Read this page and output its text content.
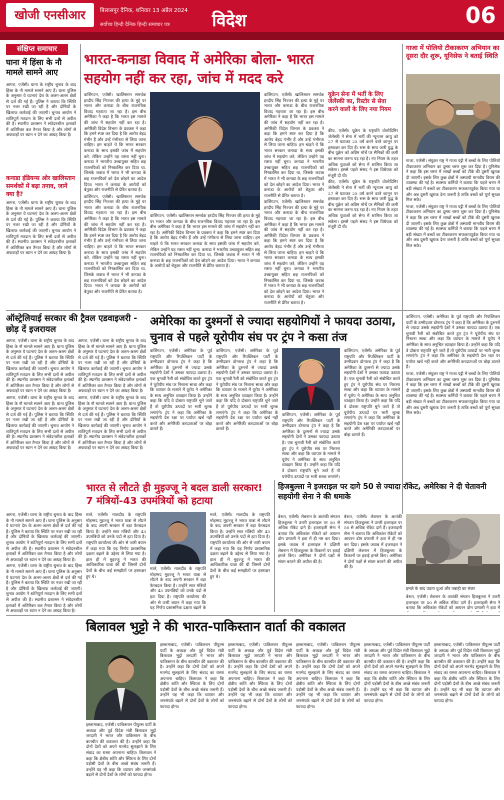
खोजी एनसीआर	बिलासपुर दैनिक, शनिवार 13 अप्रैल 2024
सर्वोच्च हिन्दी दैनिक हिन्दी समाचार पत्र विदेश	06
संक्षिप्त समाचार
घाना में हिंसा के नौ मामले सामने आए

आगरा, एजेंसी। घाना के राष्ट्रीय चुनाव के बाद हिंसा के नौ मामले सामने आए हैं। घाना पुलिस के अनुसार ये घटनाएं देश के अलग-अलग क्षेत्रों से दर्ज की गई हैं। पुलिस ने बताया कि स्थिति पर नजर रखी जा रही है और दोषियों के खिलाफ कार्रवाई की जाएगी। चुनाव आयोग ने शांतिपूर्ण मतदान के लिए सभी दलों से अपील की है। स्थानीय प्रशासन ने संवेदनशील इलाकों में अतिरिक्त बल तैनात किया है और लोगों से अफवाहों पर ध्यान न देने का आग्रह किया है।

कनाडा इंडियन्स ओर खालिस्तान समर्थकों में बढ़ा तनाव, जानें क्या है?

आगरा, एजेंसी। घाना के राष्ट्रीय चुनाव के बाद हिंसा के नौ मामले सामने आए हैं। घाना पुलिस के अनुसार ये घटनाएं देश के अलग-अलग क्षेत्रों से दर्ज की गई हैं। पुलिस ने बताया कि स्थिति पर नजर रखी जा रही है और दोषियों के खिलाफ कार्रवाई की जाएगी। चुनाव आयोग ने शांतिपूर्ण मतदान के लिए सभी दलों से अपील की है। स्थानीय प्रशासन ने संवेदनशील इलाकों में अतिरिक्त बल तैनात किया है और लोगों से अफवाहों पर ध्यान न देने का आग्रह किया है।

भारत-कनाडा विवाद में अमेरिका बोला- भारत
सहयोग नहीं कर रहा, जांच में मदद करे

वाशिंगटन, एजेंसी। खालिस्तान समर्थक हरदीप सिंह निज्जर की हत्या के मुद्दे पर भारत और कनाडा के बीच राजनयिक विवाद गहराता जा रहा है। इस बीच अमेरिका ने कहा है कि भारत इस मामले की जांच में सहयोग नहीं कर रहा है। अमेरिकी विदेश विभाग के प्रवक्ता ने कहा कि हमने स्पष्ट कर दिया है कि आरोप बेहद गंभीर हैं और उन्हें गंभीरता से लिया जाना चाहिए। हम चाहते थे कि भारत सरकार कनाडा के साथ इसकी जांच में सहयोग करे, लेकिन उन्होंने यह रास्ता नहीं चुना। कनाडा ने भारतीय उच्चायुक्त सहित छह राजनयिकों को निष्कासित कर दिया था, जिसके जवाब में भारत ने भी कनाडा के छह राजनयिकों को देश छोड़ने का आदेश दिया। भारत ने कनाडा के आरोपों को बेतुका और राजनीति से प्रेरित बताया है।

वाशिंगटन, एजेंसी। खालिस्तान समर्थक हरदीप सिंह निज्जर की हत्या के मुद्दे पर भारत और कनाडा के बीच राजनयिक विवाद गहराता जा रहा है। इस बीच अमेरिका ने कहा है कि भारत इस मामले की जांच में सहयोग नहीं कर रहा है। अमेरिकी विदेश विभाग के प्रवक्ता ने कहा कि हमने स्पष्ट कर दिया है कि आरोप बेहद गंभीर हैं और उन्हें गंभीरता से लिया जाना चाहिए। हम चाहते थे कि भारत सरकार कनाडा के साथ इसकी जांच में सहयोग करे, लेकिन उन्होंने यह रास्ता नहीं चुना। कनाडा ने भारतीय उच्चायुक्त सहित छह राजनयिकों को निष्कासित कर दिया था, जिसके जवाब में भारत ने भी कनाडा के छह राजनयिकों को देश छोड़ने का आदेश दिया। भारत ने कनाडा के आरोपों को बेतुका और राजनीति से प्रेरित बताया है।

वाशिंगटन, एजेंसी। खालिस्तान समर्थक हरदीप सिंह निज्जर की हत्या के मुद्दे पर भारत और कनाडा के बीच राजनयिक विवाद गहराता जा रहा है। इस बीच अमेरिका ने कहा है कि भारत इस मामले की जांच में सहयोग नहीं कर रहा है। अमेरिकी विदेश विभाग के प्रवक्ता ने कहा कि हमने स्पष्ट कर दिया है कि आरोप बेहद गंभीर हैं और उन्हें गंभीरता से लिया जाना चाहिए। हम चाहते थे कि भारत सरकार कनाडा के साथ इसकी जांच में सहयोग करे, लेकिन उन्होंने यह रास्ता नहीं चुना। कनाडा ने भारतीय उच्चायुक्त सहित छह राजनयिकों को निष्कासित कर दिया था, जिसके जवाब में भारत ने भी कनाडा के छह राजनयिकों को देश छोड़ने का आदेश दिया। भारत ने कनाडा के आरोपों को बेतुका और राजनीति से प्रेरित बताया है।

वाशिंगटन, एजेंसी। खालिस्तान समर्थक हरदीप सिंह निज्जर की हत्या के मुद्दे पर भारत और कनाडा के बीच राजनयिक विवाद गहराता जा रहा है। इस बीच अमेरिका ने कहा है कि भारत इस मामले की जांच में सहयोग नहीं कर रहा है। अमेरिकी विदेश विभाग के प्रवक्ता ने कहा कि हमने स्पष्ट कर दिया है कि आरोप बेहद गंभीर हैं और उन्हें गंभीरता से लिया जाना चाहिए। हम चाहते थे कि भारत सरकार कनाडा के साथ इसकी जांच में सहयोग करे, लेकिन उन्होंने यह रास्ता नहीं चुना। कनाडा ने भारतीय उच्चायुक्त सहित छह राजनयिकों को निष्कासित कर दिया था, जिसके जवाब में भारत ने भी कनाडा के छह राजनयिकों को देश छोड़ने का आदेश दिया। भारत ने कनाडा के आरोपों को बेतुका और राजनीति से प्रेरित बताया है।

वाशिंगटन, एजेंसी। खालिस्तान समर्थक हरदीप सिंह निज्जर की हत्या के मुद्दे पर भारत और कनाडा के बीच राजनयिक विवाद गहराता जा रहा है। इस बीच अमेरिका ने कहा है कि भारत इस मामले की जांच में सहयोग नहीं कर रहा है। अमेरिकी विदेश विभाग के प्रवक्ता ने कहा कि हमने स्पष्ट कर दिया है कि आरोप बेहद गंभीर हैं और उन्हें गंभीरता से लिया जाना चाहिए। हम चाहते थे कि भारत सरकार कनाडा के साथ इसकी जांच में सहयोग करे, लेकिन उन्होंने यह रास्ता नहीं चुना। कनाडा ने भारतीय उच्चायुक्त सहित छह राजनयिकों को निष्कासित कर दिया था, जिसके जवाब में भारत ने भी कनाडा के छह राजनयिकों को देश छोड़ने का आदेश दिया। भारत ने कनाडा के आरोपों को बेतुका और राजनीति से प्रेरित बताया है।

यूक्रेन सेना में भर्ती के लिए जेलेंस्की का, रिस्टोर से सेवा करने वालों के लिए नया नियम

कीव, एजेंसी। यूक्रेन के राष्ट्रपति वोलोदिमिर जेलेंस्की ने सेना में भर्ती की न्यूनतम आयु को 27 से घटाकर 25 वर्ष करने वाले कानून पर हस्ताक्षर कर दिए हैं। रूस के साथ जारी युद्ध के बीच यूक्रेन को अग्रिम मोर्चे पर सैनिकों की कमी का सामना करना पड़ रहा है। नए नियम के तहत अधिक युवाओं को सेना में शामिल किया जा सकेगा। इससे पहले संसद ने इस विधेयक को मंजूरी दी थी।

कीव, एजेंसी। यूक्रेन के राष्ट्रपति वोलोदिमिर जेलेंस्की ने सेना में भर्ती की न्यूनतम आयु को 27 से घटाकर 25 वर्ष करने वाले कानून पर हस्ताक्षर कर दिए हैं। रूस के साथ जारी युद्ध के बीच यूक्रेन को अग्रिम मोर्चे पर सैनिकों की कमी का सामना करना पड़ रहा है। नए नियम के तहत अधिक युवाओं को सेना में शामिल किया जा सकेगा। इससे पहले संसद ने इस विधेयक को मंजूरी दी थी।

गाजा में पोलियो टीकाकरण अभियान का दूसरा दौर शुरू, यूनिसेफ ने बताई स्थिति

गाजा, एजेंसी। संयुक्त राष्ट्र ने गाजा पट्टी में बच्चों के लिए पोलियो टीकाकरण अभियान का दूसरा चरण शुरू कर दिया है। यूनिसेफ ने कहा कि इस चरण में लाखों बच्चों को टीके की दूसरी खुराक दी जाएगी। इसके लिए कुछ क्षेत्रों में अस्थायी मानवीय विराम की व्यवस्था की गई है। स्वास्थ्य कर्मियों ने बताया कि पहले चरण में बड़ी संख्या में बच्चों का टीकाकरण सफलतापूर्वक किया गया था और अब दूसरी खुराक देना जरूरी है ताकि बच्चों को पूर्ण सुरक्षा मिल सके।

गाजा, एजेंसी। संयुक्त राष्ट्र ने गाजा पट्टी में बच्चों के लिए पोलियो टीकाकरण अभियान का दूसरा चरण शुरू कर दिया है। यूनिसेफ ने कहा कि इस चरण में लाखों बच्चों को टीके की दूसरी खुराक दी जाएगी। इसके लिए कुछ क्षेत्रों में अस्थायी मानवीय विराम की व्यवस्था की गई है। स्वास्थ्य कर्मियों ने बताया कि पहले चरण में बड़ी संख्या में बच्चों का टीकाकरण सफलतापूर्वक किया गया था और अब दूसरी खुराक देना जरूरी है ताकि बच्चों को पूर्ण सुरक्षा मिल सके।

ऑस्ट्रेलियाई सरकार की ट्रैवल एडवाइजरी - छोड़ दें इजरायल
अमेरिका का दुश्मनों से ज्यादा सहयोगियों ने फायदा उठाया,
चुनाव से पहले यूरोपीय संघ पर ट्रंप ने कसा तंज

आगरा, एजेंसी। घाना के राष्ट्रीय चुनाव के बाद हिंसा के नौ मामले सामने आए हैं। घाना पुलिस के अनुसार ये घटनाएं देश के अलग-अलग क्षेत्रों से दर्ज की गई हैं। पुलिस ने बताया कि स्थिति पर नजर रखी जा रही है और दोषियों के खिलाफ कार्रवाई की जाएगी। चुनाव आयोग ने शांतिपूर्ण मतदान के लिए सभी दलों से अपील की है। स्थानीय प्रशासन ने संवेदनशील इलाकों में अतिरिक्त बल तैनात किया है और लोगों से अफवाहों पर ध्यान न देने का आग्रह किया है।

आगरा, एजेंसी। घाना के राष्ट्रीय चुनाव के बाद हिंसा के नौ मामले सामने आए हैं। घाना पुलिस के अनुसार ये घटनाएं देश के अलग-अलग क्षेत्रों से दर्ज की गई हैं। पुलिस ने बताया कि स्थिति पर नजर रखी जा रही है और दोषियों के खिलाफ कार्रवाई की जाएगी। चुनाव आयोग ने शांतिपूर्ण मतदान के लिए सभी दलों से अपील की है। स्थानीय प्रशासन ने संवेदनशील इलाकों में अतिरिक्त बल तैनात किया है और लोगों से अफवाहों पर ध्यान न देने का आग्रह किया है।

आगरा, एजेंसी। घाना के राष्ट्रीय चुनाव के बाद हिंसा के नौ मामले सामने आए हैं। घाना पुलिस के अनुसार ये घटनाएं देश के अलग-अलग क्षेत्रों से दर्ज की गई हैं। पुलिस ने बताया कि स्थिति पर नजर रखी जा रही है और दोषियों के खिलाफ कार्रवाई की जाएगी। चुनाव आयोग ने शांतिपूर्ण मतदान के लिए सभी दलों से अपील की है। स्थानीय प्रशासन ने संवेदनशील इलाकों में अतिरिक्त बल तैनात किया है और लोगों से अफवाहों पर ध्यान न देने का आग्रह किया है।

आगरा, एजेंसी। घाना के राष्ट्रीय चुनाव के बाद हिंसा के नौ मामले सामने आए हैं। घाना पुलिस के अनुसार ये घटनाएं देश के अलग-अलग क्षेत्रों से दर्ज की गई हैं। पुलिस ने बताया कि स्थिति पर नजर रखी जा रही है और दोषियों के खिलाफ कार्रवाई की जाएगी। चुनाव आयोग ने शांतिपूर्ण मतदान के लिए सभी दलों से अपील की है। स्थानीय प्रशासन ने संवेदनशील इलाकों में अतिरिक्त बल तैनात किया है और लोगों से अफवाहों पर ध्यान न देने का आग्रह किया है।

वाशिंगटन, एजेंसी। अमेरिका के पूर्व राष्ट्रपति और रिपब्लिकन पार्टी के उम्मीदवार डोनाल्ड ट्रंप ने कहा है कि अमेरिका के दुश्मनों से ज्यादा उसके सहयोगी देशों ने उसका फायदा उठाया है। एक चुनावी रैली को संबोधित करते हुए ट्रंप ने यूरोपीय संघ पर निशाना साधा और कहा कि व्यापार के मामले में यूरोप ने अमेरिका के साथ अनुचित व्यवहार किया है। उन्होंने कहा कि यदि वे दोबारा राष्ट्रपति चुने जाते हैं तो यूरोपीय उत्पादों पर भारी शुल्क लगाएंगे। ट्रंप ने कहा कि अमेरिका के सहयोगी देश रक्षा पर पर्याप्त खर्च नहीं करते और अमेरिकी करदाताओं पर बोझ डालते हैं।

वाशिंगटन, एजेंसी। अमेरिका के पूर्व राष्ट्रपति और रिपब्लिकन पार्टी के उम्मीदवार डोनाल्ड ट्रंप ने कहा है कि अमेरिका के दुश्मनों से ज्यादा उसके सहयोगी देशों ने उसका फायदा उठाया है। एक चुनावी रैली को संबोधित करते हुए ट्रंप ने यूरोपीय संघ पर निशाना साधा और कहा कि व्यापार के मामले में यूरोप ने अमेरिका के साथ अनुचित व्यवहार किया है। उन्होंने कहा कि यदि वे दोबारा राष्ट्रपति चुने जाते हैं तो यूरोपीय उत्पादों पर भारी शुल्क लगाएंगे। ट्रंप ने कहा कि अमेरिका के सहयोगी देश रक्षा पर पर्याप्त खर्च नहीं करते और अमेरिकी करदाताओं पर बोझ डालते हैं।

वाशिंगटन, एजेंसी। अमेरिका के पूर्व राष्ट्रपति और रिपब्लिकन पार्टी के उम्मीदवार डोनाल्ड ट्रंप ने कहा है कि अमेरिका के दुश्मनों से ज्यादा उसके सहयोगी देशों ने उसका फायदा उठाया है। एक चुनावी रैली को संबोधित करते हुए ट्रंप ने यूरोपीय संघ पर निशाना साधा और कहा कि व्यापार के मामले में यूरोप ने अमेरिका के साथ अनुचित व्यवहार किया है। उन्होंने कहा कि यदि वे दोबारा राष्ट्रपति चुने जाते हैं तो यूरोपीय उत्पादों पर भारी शुल्क लगाएंगे।

वाशिंगटन, एजेंसी। अमेरिका के पूर्व राष्ट्रपति और रिपब्लिकन पार्टी के उम्मीदवार डोनाल्ड ट्रंप ने कहा है कि अमेरिका के दुश्मनों से ज्यादा उसके सहयोगी देशों ने उसका फायदा उठाया है। एक चुनावी रैली को संबोधित करते हुए ट्रंप ने यूरोपीय संघ पर निशाना साधा और कहा कि व्यापार के मामले में यूरोप ने अमेरिका के साथ अनुचित व्यवहार किया है। उन्होंने कहा कि यदि वे दोबारा राष्ट्रपति चुने जाते हैं तो यूरोपीय उत्पादों पर भारी शुल्क लगाएंगे। ट्रंप ने कहा कि अमेरिका के सहयोगी देश रक्षा पर पर्याप्त खर्च नहीं करते और अमेरिकी करदाताओं पर बोझ डालते हैं।

वाशिंगटन, एजेंसी। अमेरिका के पूर्व राष्ट्रपति और रिपब्लिकन पार्टी के उम्मीदवार डोनाल्ड ट्रंप ने कहा है कि अमेरिका के दुश्मनों से ज्यादा उसके सहयोगी देशों ने उसका फायदा उठाया है। एक चुनावी रैली को संबोधित करते हुए ट्रंप ने यूरोपीय संघ पर निशाना साधा और कहा कि व्यापार के मामले में यूरोप ने अमेरिका के साथ अनुचित व्यवहार किया है। उन्होंने कहा कि यदि वे दोबारा राष्ट्रपति चुने जाते हैं तो यूरोपीय उत्पादों पर भारी शुल्क लगाएंगे। ट्रंप ने कहा कि अमेरिका के सहयोगी देश रक्षा पर पर्याप्त खर्च नहीं करते और अमेरिकी करदाताओं पर बोझ डालते हैं।

गाजा, एजेंसी। संयुक्त राष्ट्र ने गाजा पट्टी में बच्चों के लिए पोलियो टीकाकरण अभियान का दूसरा चरण शुरू कर दिया है। यूनिसेफ ने कहा कि इस चरण में लाखों बच्चों को टीके की दूसरी खुराक दी जाएगी। इसके लिए कुछ क्षेत्रों में अस्थायी मानवीय विराम की व्यवस्था की गई है। स्वास्थ्य कर्मियों ने बताया कि पहले चरण में बड़ी संख्या में बच्चों का टीकाकरण सफलतापूर्वक किया गया था और अब दूसरी खुराक देना जरूरी है ताकि बच्चों को पूर्ण सुरक्षा मिल सके।

भारत से लौटते ही मुइज्जू ने बदल डाली सरकार! 7 मंत्रियों-43 उपमंत्रियों को हटाया

माले, एजेंसी। मालदीव के राष्ट्रपति मोहम्मद मुइज्जू ने भारत यात्रा से लौटने के बाद अपनी सरकार में बड़ा फेरबदल किया है। उन्होंने सात मंत्रियों और 43 उपमंत्रियों को उनके पदों से हटा दिया है। राष्ट्रपति कार्यालय की ओर से जारी बयान में कहा गया कि यह निर्णय प्रशासनिक दक्षता बढ़ाने के उद्देश्य से लिया गया है। हाल ही में मुइज्जू ने भारत की आधिकारिक यात्रा की थी जिसमें दोनों देशों के बीच कई समझौतों पर हस्ताक्षर हुए थे।

माले, एजेंसी। मालदीव के राष्ट्रपति मोहम्मद मुइज्जू ने भारत यात्रा से लौटने के बाद अपनी सरकार में बड़ा फेरबदल किया है। उन्होंने सात मंत्रियों और 43 उपमंत्रियों को उनके पदों से हटा दिया है। राष्ट्रपति कार्यालय की ओर से जारी बयान में कहा गया कि यह निर्णय प्रशासनिक दक्षता बढ़ाने के

माले, एजेंसी। मालदीव के राष्ट्रपति मोहम्मद मुइज्जू ने भारत यात्रा से लौटने के बाद अपनी सरकार में बड़ा फेरबदल किया है। उन्होंने सात मंत्रियों और 43 उपमंत्रियों को उनके पदों से हटा दिया है। राष्ट्रपति कार्यालय की ओर से जारी बयान में कहा गया कि यह निर्णय प्रशासनिक दक्षता बढ़ाने के उद्देश्य से लिया गया है। हाल ही में मुइज्जू ने भारत की आधिकारिक यात्रा की थी जिसमें दोनों देशों के बीच कई समझौतों पर हस्ताक्षर हुए थे।

हिजबुल्ला ने इजराइल पर दागे 50 से ज्यादा रॉकेट, अमेरिका ने दी चेतावनी सहयोगी सेना ने की धमाके

बेरूत, एजेंसी। लेबनान के आतंकी संगठन हिजबुल्ला ने उत्तरी इजराइल पर 50 से अधिक रॉकेट दागे हैं। इजराइली सेना ने बताया कि अधिकांश रॉकेटों को आयरन डोम प्रणाली ने हवा में ही नष्ट कर दिया। इसके जवाब में इजराइल ने दक्षिणी लेबनान में हिजबुल्ला के ठिकानों पर हवाई हमले किए। अमेरिका ने दोनों पक्षों से संयम बरतने की अपील की है।

बेरूत, एजेंसी। लेबनान के आतंकी संगठन हिजबुल्ला ने उत्तरी इजराइल पर 50 से अधिक रॉकेट दागे हैं। इजराइली सेना ने बताया कि अधिकांश रॉकेटों को आयरन डोम प्रणाली ने हवा में ही नष्ट कर दिया। इसके जवाब में इजराइल ने दक्षिणी लेबनान में हिजबुल्ला के ठिकानों पर हवाई हमले किए। अमेरिका ने दोनों पक्षों से संयम बरतने की अपील की है।

हमले के बाद उठता धुआं और तबाही का मंजर

बेरूत, एजेंसी। लेबनान के आतंकी संगठन हिजबुल्ला ने उत्तरी इजराइल पर 50 से अधिक रॉकेट दागे हैं। इजराइली सेना ने बताया कि अधिकांश रॉकेटों को आयरन डोम प्रणाली ने हवा में

आगरा, एजेंसी। घाना के राष्ट्रीय चुनाव के बाद हिंसा के नौ मामले सामने आए हैं। घाना पुलिस के अनुसार ये घटनाएं देश के अलग-अलग क्षेत्रों से दर्ज की गई हैं। पुलिस ने बताया कि स्थिति पर नजर रखी जा रही है और दोषियों के खिलाफ कार्रवाई की जाएगी। चुनाव आयोग ने शांतिपूर्ण मतदान के लिए सभी दलों से अपील की है। स्थानीय प्रशासन ने संवेदनशील इलाकों में अतिरिक्त बल तैनात किया है और लोगों से अफवाहों पर ध्यान न देने का आग्रह किया है।

आगरा, एजेंसी। घाना के राष्ट्रीय चुनाव के बाद हिंसा के नौ मामले सामने आए हैं। घाना पुलिस के अनुसार ये घटनाएं देश के अलग-अलग क्षेत्रों से दर्ज की गई हैं। पुलिस ने बताया कि स्थिति पर नजर रखी जा रही है और दोषियों के खिलाफ कार्रवाई की जाएगी। चुनाव आयोग ने शांतिपूर्ण मतदान के लिए सभी दलों से अपील की है। स्थानीय प्रशासन ने संवेदनशील इलाकों में अतिरिक्त बल तैनात किया है और लोगों से अफवाहों पर ध्यान न देने का आग्रह किया है।

बिलावल भुट्टो ने की भारत-पाकिस्तान वार्ता की वकालत

इस्लामाबाद, एजेंसी। पाकिस्तान पीपुल्स पार्टी के अध्यक्ष और पूर्व विदेश मंत्री बिलावल भुट्टो जरदारी ने भारत और पाकिस्तान के बीच बातचीत की वकालत की है। उन्होंने कहा कि दोनों देशों को अपने मतभेद सुलझाने के लिए संवाद का रास्ता अपनाना चाहिए। बिलावल ने कहा कि क्षेत्रीय शांति और स्थिरता के लिए दोनों पड़ोसी देशों के बीच अच्छे संबंध जरूरी हैं। उन्होंने यह भी कहा कि व्यापार और जनसंपर्क बढ़ाने से दोनों देशों के लोगों को फायदा होगा।

इस्लामाबाद, एजेंसी। पाकिस्तान पीपुल्स पार्टी के अध्यक्ष और पूर्व विदेश मंत्री बिलावल भुट्टो जरदारी ने भारत और पाकिस्तान के बीच बातचीत की वकालत की है। उन्होंने कहा कि दोनों देशों को अपने मतभेद सुलझाने के लिए संवाद का रास्ता अपनाना चाहिए। बिलावल ने कहा कि क्षेत्रीय शांति और स्थिरता के लिए दोनों पड़ोसी देशों के बीच अच्छे संबंध जरूरी हैं। उन्होंने यह भी कहा कि व्यापार और जनसंपर्क बढ़ाने से दोनों देशों के लोगों को फायदा होगा।

इस्लामाबाद, एजेंसी। पाकिस्तान पीपुल्स पार्टी के अध्यक्ष और पूर्व विदेश मंत्री बिलावल भुट्टो जरदारी ने भारत और पाकिस्तान के बीच बातचीत की वकालत की है। उन्होंने कहा कि दोनों देशों को अपने मतभेद सुलझाने के लिए संवाद का रास्ता अपनाना चाहिए। बिलावल ने कहा कि क्षेत्रीय शांति और स्थिरता के लिए दोनों पड़ोसी देशों के बीच अच्छे संबंध जरूरी हैं। उन्होंने यह भी कहा कि व्यापार और जनसंपर्क बढ़ाने से दोनों देशों के लोगों को फायदा होगा।

इस्लामाबाद, एजेंसी। पाकिस्तान पीपुल्स पार्टी के अध्यक्ष और पूर्व विदेश मंत्री बिलावल भुट्टो जरदारी ने भारत और पाकिस्तान के बीच बातचीत की वकालत की है। उन्होंने कहा कि दोनों देशों को अपने मतभेद सुलझाने के लिए संवाद का रास्ता अपनाना चाहिए। बिलावल ने कहा कि क्षेत्रीय शांति और स्थिरता के लिए दोनों पड़ोसी देशों के बीच अच्छे संबंध जरूरी हैं। उन्होंने यह भी कहा कि व्यापार और जनसंपर्क बढ़ाने से दोनों देशों के लोगों को फायदा होगा।

इस्लामाबाद, एजेंसी। पाकिस्तान पीपुल्स पार्टी के अध्यक्ष और पूर्व विदेश मंत्री बिलावल भुट्टो जरदारी ने भारत और पाकिस्तान के बीच बातचीत की वकालत की है। उन्होंने कहा कि दोनों देशों को अपने मतभेद सुलझाने के लिए संवाद का रास्ता अपनाना चाहिए। बिलावल ने कहा कि क्षेत्रीय शांति और स्थिरता के लिए दोनों पड़ोसी देशों के बीच अच्छे संबंध जरूरी हैं। उन्होंने यह भी कहा कि व्यापार और जनसंपर्क बढ़ाने से दोनों देशों के लोगों को फायदा होगा।

इस्लामाबाद, एजेंसी। पाकिस्तान पीपुल्स पार्टी के अध्यक्ष और पूर्व विदेश मंत्री बिलावल भुट्टो जरदारी ने भारत और पाकिस्तान के बीच बातचीत की वकालत की है। उन्होंने कहा कि दोनों देशों को अपने मतभेद सुलझाने के लिए संवाद का रास्ता अपनाना चाहिए। बिलावल ने कहा कि क्षेत्रीय शांति और स्थिरता के लिए दोनों पड़ोसी देशों के बीच अच्छे संबंध जरूरी हैं। उन्होंने यह भी कहा कि व्यापार और जनसंपर्क बढ़ाने से दोनों देशों के लोगों को फायदा होगा।
